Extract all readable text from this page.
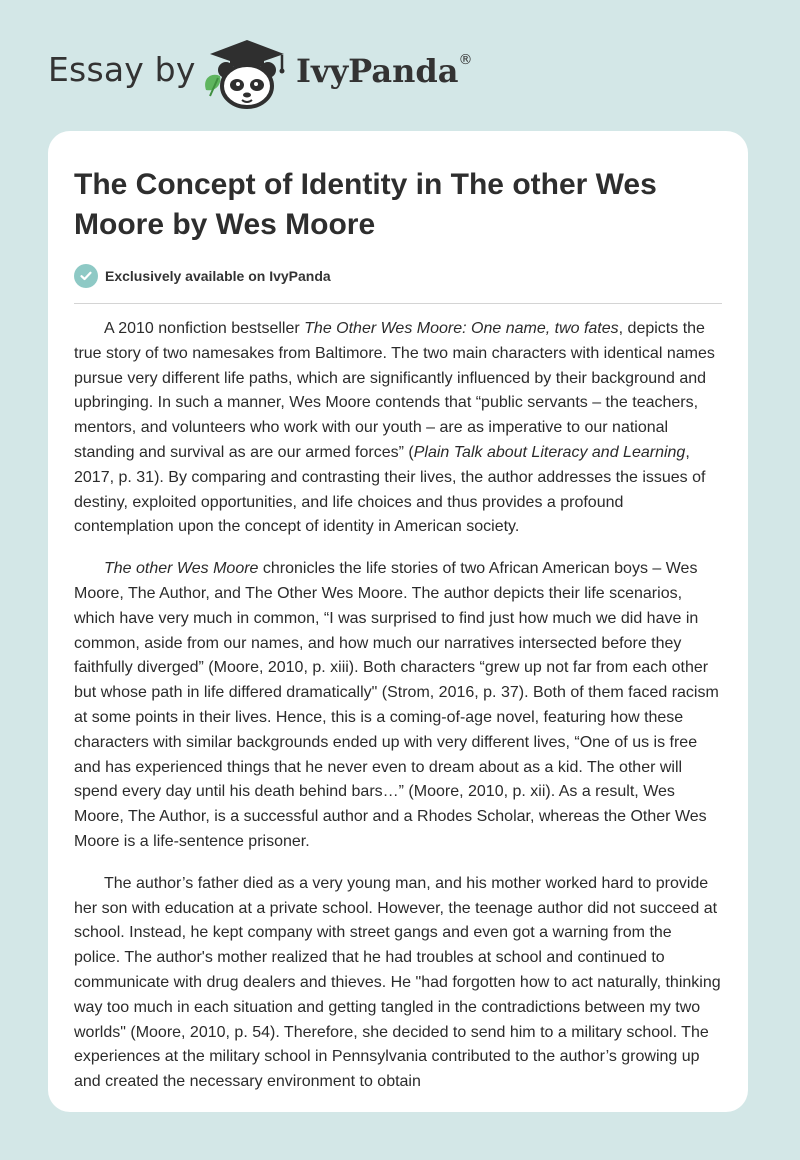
Essay by	IvyPanda®
The Concept of Identity in The other Wes Moore by Wes Moore
Exclusively available on IvyPanda

A 2010 nonfiction bestseller The Other Wes Moore: One name, two fates, depicts the true story of two namesakes from Baltimore. The two main characters with identical names pursue very different life paths, which are significantly influenced by their background and upbringing. In such a manner, Wes Moore contends that “public servants – the teachers, mentors, and volunteers who work with our youth – are as imperative to our national standing and survival as are our armed forces” (Plain Talk about Literacy and Learning, 2017, p. 31). By comparing and contrasting their lives, the author addresses the issues of destiny, exploited opportunities, and life choices and thus provides a profound contemplation upon the concept of identity in American society.

The other Wes Moore chronicles the life stories of two African American boys – Wes Moore, The Author, and The Other Wes Moore. The author depicts their life scenarios, which have very much in common, “I was surprised to find just how much we did have in common, aside from our names, and how much our narratives intersected before they faithfully diverged” (Moore, 2010, p. xiii). Both characters “grew up not far from each other but whose path in life differed dramatically" (Strom, 2016, p. 37). Both of them faced racism at some points in their lives. Hence, this is a coming-of-age novel, featuring how these characters with similar backgrounds ended up with very different lives, “One of us is free and has experienced things that he never even to dream about as a kid. The other will spend every day until his death behind bars…” (Moore, 2010, p. xii). As a result, Wes Moore, The Author, is a successful author and a Rhodes Scholar, whereas the Other Wes Moore is a life-sentence prisoner.

The author’s father died as a very young man, and his mother worked hard to provide her son with education at a private school. However, the teenage author did not succeed at school. Instead, he kept company with street gangs and even got a warning from the police. The author's mother realized that he had troubles at school and continued to communicate with drug dealers and thieves. He "had forgotten how to act naturally, thinking way too much in each situation and getting tangled in the contradictions between my two worlds" (Moore, 2010, p. 54). Therefore, she decided to send him to a military school. The experiences at the military school in Pennsylvania contributed to the author’s growing up and created the necessary environment to obtain
